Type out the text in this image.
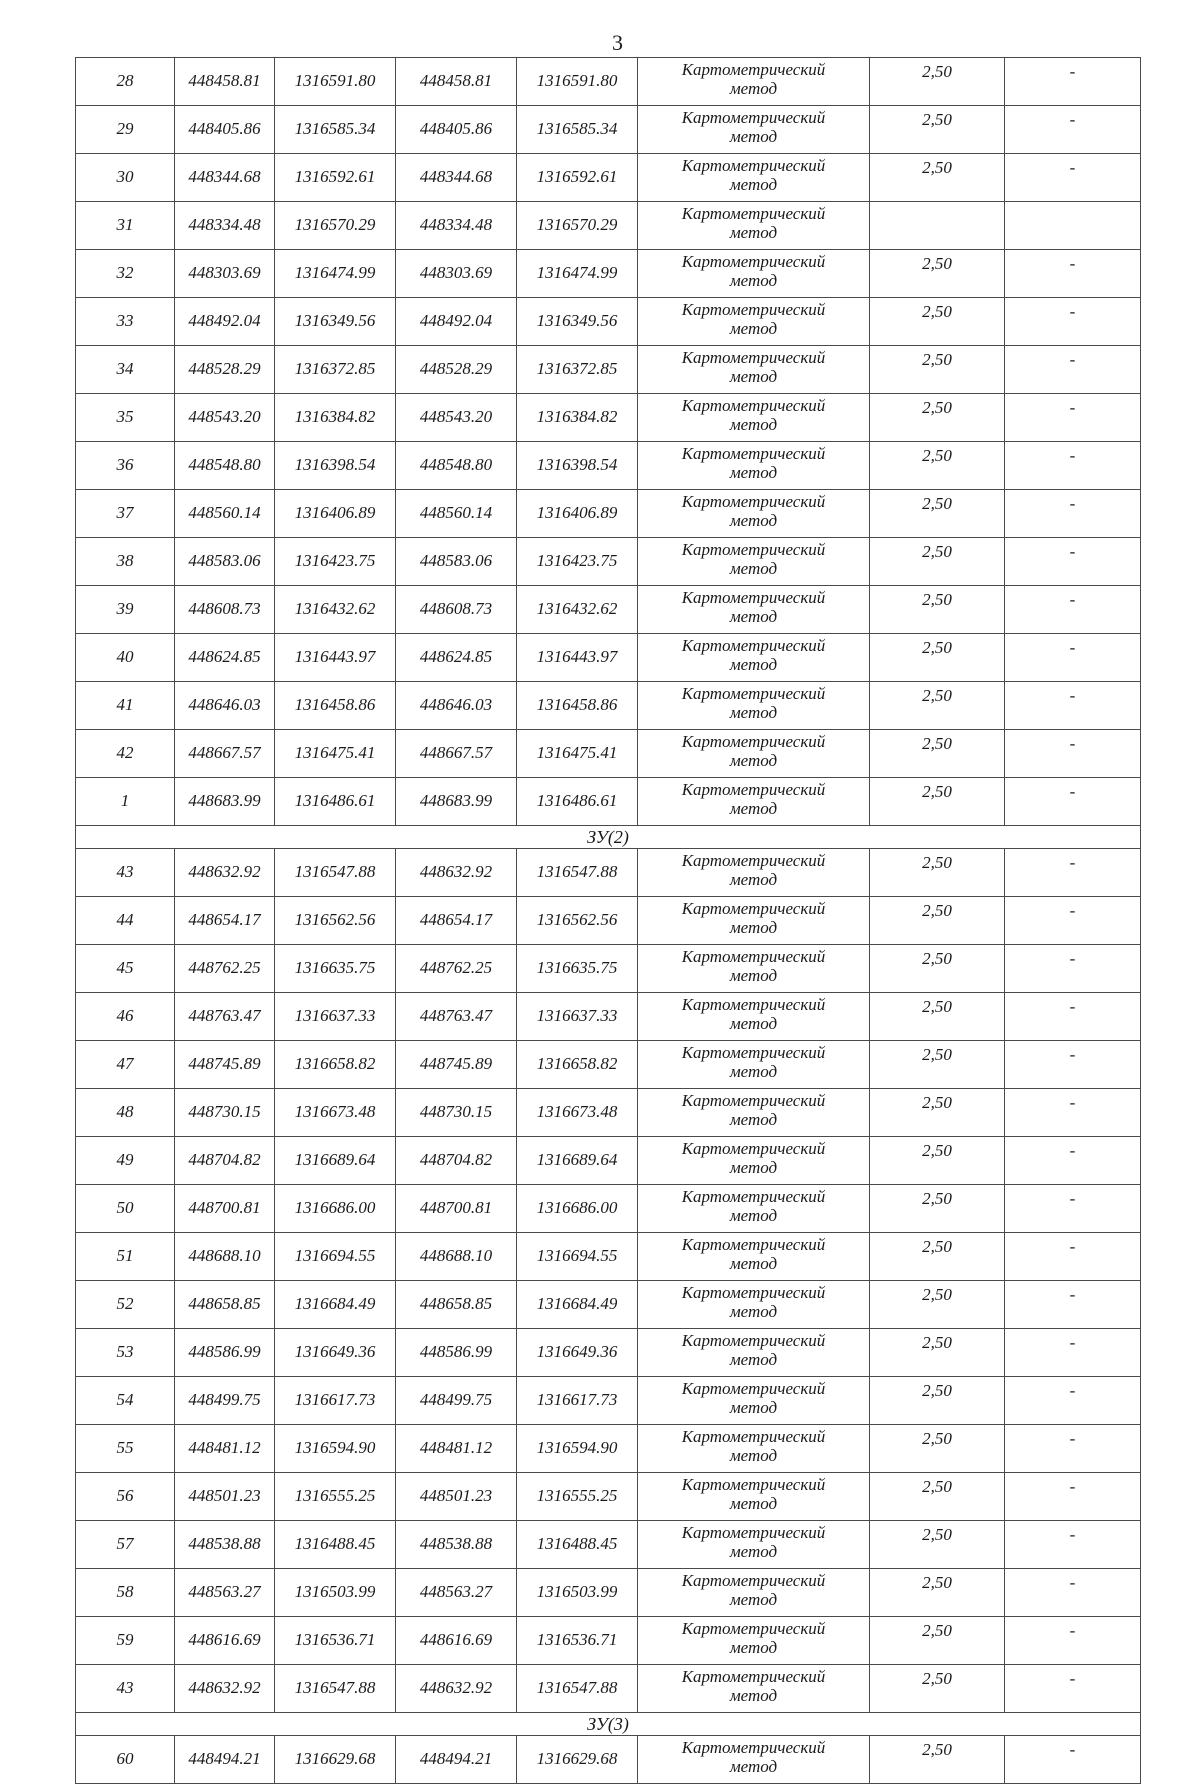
3
28	448458.81	1316591.80	448458.81	1316591.80	Картометрический
метод	2,50	-
29	448405.86	1316585.34	448405.86	1316585.34	Картометрический
метод	2,50	-
30	448344.68	1316592.61	448344.68	1316592.61	Картометрический
метод	2,50	-
31	448334.48	1316570.29	448334.48	1316570.29	Картометрический
метод		

32	448303.69	1316474.99	448303.69	1316474.99	Картометрический
метод	2,50	-
33	448492.04	1316349.56	448492.04	1316349.56	Картометрический
метод	2,50	-
34	448528.29	1316372.85	448528.29	1316372.85	Картометрический
метод	2,50	-
35	448543.20	1316384.82	448543.20	1316384.82	Картометрический
метод	2,50	-
36	448548.80	1316398.54	448548.80	1316398.54	Картометрический
метод	2,50	-
37	448560.14	1316406.89	448560.14	1316406.89	Картометрический
метод	2,50	-
38	448583.06	1316423.75	448583.06	1316423.75	Картометрический
метод	2,50	-
39	448608.73	1316432.62	448608.73	1316432.62	Картометрический
метод	2,50	-
40	448624.85	1316443.97	448624.85	1316443.97	Картометрический
метод	2,50	-
41	448646.03	1316458.86	448646.03	1316458.86	Картометрический
метод	2,50	-
42	448667.57	1316475.41	448667.57	1316475.41	Картометрический
метод	2,50	-
1	448683.99	1316486.61	448683.99	1316486.61	Картометрический
метод	2,50	-
ЗУ(2)							
43	448632.92	1316547.88	448632.92	1316547.88	Картометрический
метод	2,50	-
44	448654.17	1316562.56	448654.17	1316562.56	Картометрический
метод	2,50	-
45	448762.25	1316635.75	448762.25	1316635.75	Картометрический
метод	2,50	-
46	448763.47	1316637.33	448763.47	1316637.33	Картометрический
метод	2,50	-
47	448745.89	1316658.82	448745.89	1316658.82	Картометрический
метод	2,50	-
48	448730.15	1316673.48	448730.15	1316673.48	Картометрический
метод	2,50	-
49	448704.82	1316689.64	448704.82	1316689.64	Картометрический
метод	2,50	-
50	448700.81	1316686.00	448700.81	1316686.00	Картометрический
метод	2,50	-
51	448688.10	1316694.55	448688.10	1316694.55	Картометрический
метод	2,50	-
52	448658.85	1316684.49	448658.85	1316684.49	Картометрический
метод	2,50	-
53	448586.99	1316649.36	448586.99	1316649.36	Картометрический
метод	2,50	-
54	448499.75	1316617.73	448499.75	1316617.73	Картометрический
метод	2,50	-
55	448481.12	1316594.90	448481.12	1316594.90	Картометрический
метод	2,50	-
56	448501.23	1316555.25	448501.23	1316555.25	Картометрический
метод	2,50	-
57	448538.88	1316488.45	448538.88	1316488.45	Картометрический
метод	2,50	-
58	448563.27	1316503.99	448563.27	1316503.99	Картометрический
метод	2,50	-
59	448616.69	1316536.71	448616.69	1316536.71	Картометрический
метод	2,50	-
43	448632.92	1316547.88	448632.92	1316547.88	Картометрический
метод	2,50	-
ЗУ(3)							
60	448494.21	1316629.68	448494.21	1316629.68	Картометрический
метод	2,50	-
